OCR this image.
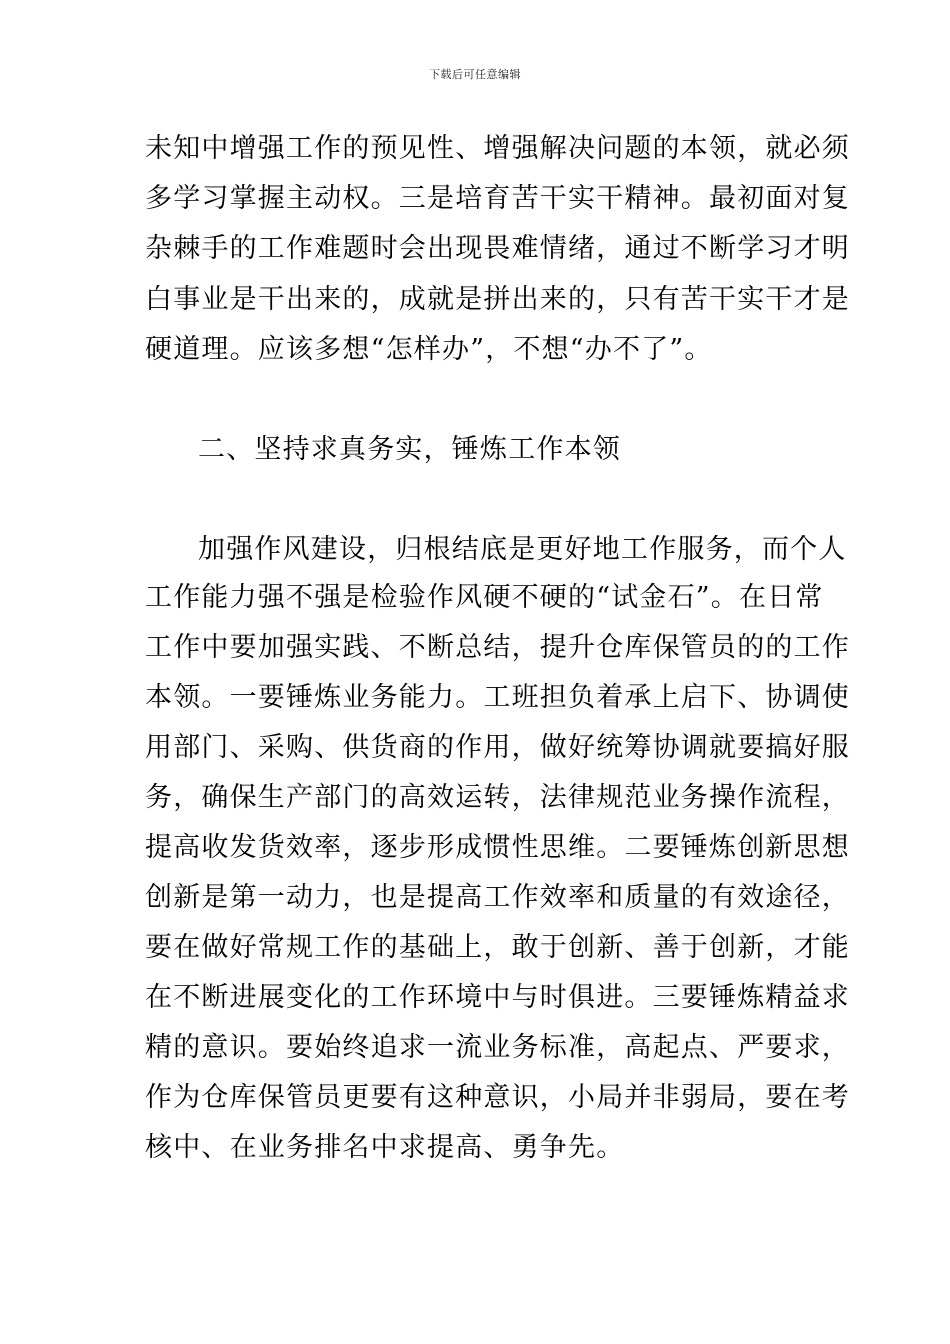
下载后可任意编辑
未知中增强工作的预见性、增强解决问题的本领，就必须
多学习掌握主动权。三是培育苦干实干精神。最初面对复
杂棘手的工作难题时会出现畏难情绪，通过不断学习才明
白事业是干出来的，成就是拼出来的，只有苦干实干才是
硬道理。应该多想“怎样办”，不想“办不了”。
二、坚持求真务实，锤炼工作本领
加强作风建设，归根结底是更好地工作服务，而个人
工作能力强不强是检验作风硬不硬的“试金石”。在日常
工作中要加强实践、不断总结，提升仓库保管员的的工作
本领。一要锤炼业务能力。工班担负着承上启下、协调使
用部门、采购、供货商的作用，做好统筹协调就要搞好服
务，确保生产部门的高效运转，法律规范业务操作流程，
提高收发货效率，逐步形成惯性思维。二要锤炼创新思想
创新是第一动力，也是提高工作效率和质量的有效途径，
要在做好常规工作的基础上，敢于创新、善于创新，才能
在不断进展变化的工作环境中与时俱进。三要锤炼精益求
精的意识。要始终追求一流业务标准，高起点、严要求，
作为仓库保管员更要有这种意识，小局并非弱局，要在考
核中、在业务排名中求提高、勇争先。
